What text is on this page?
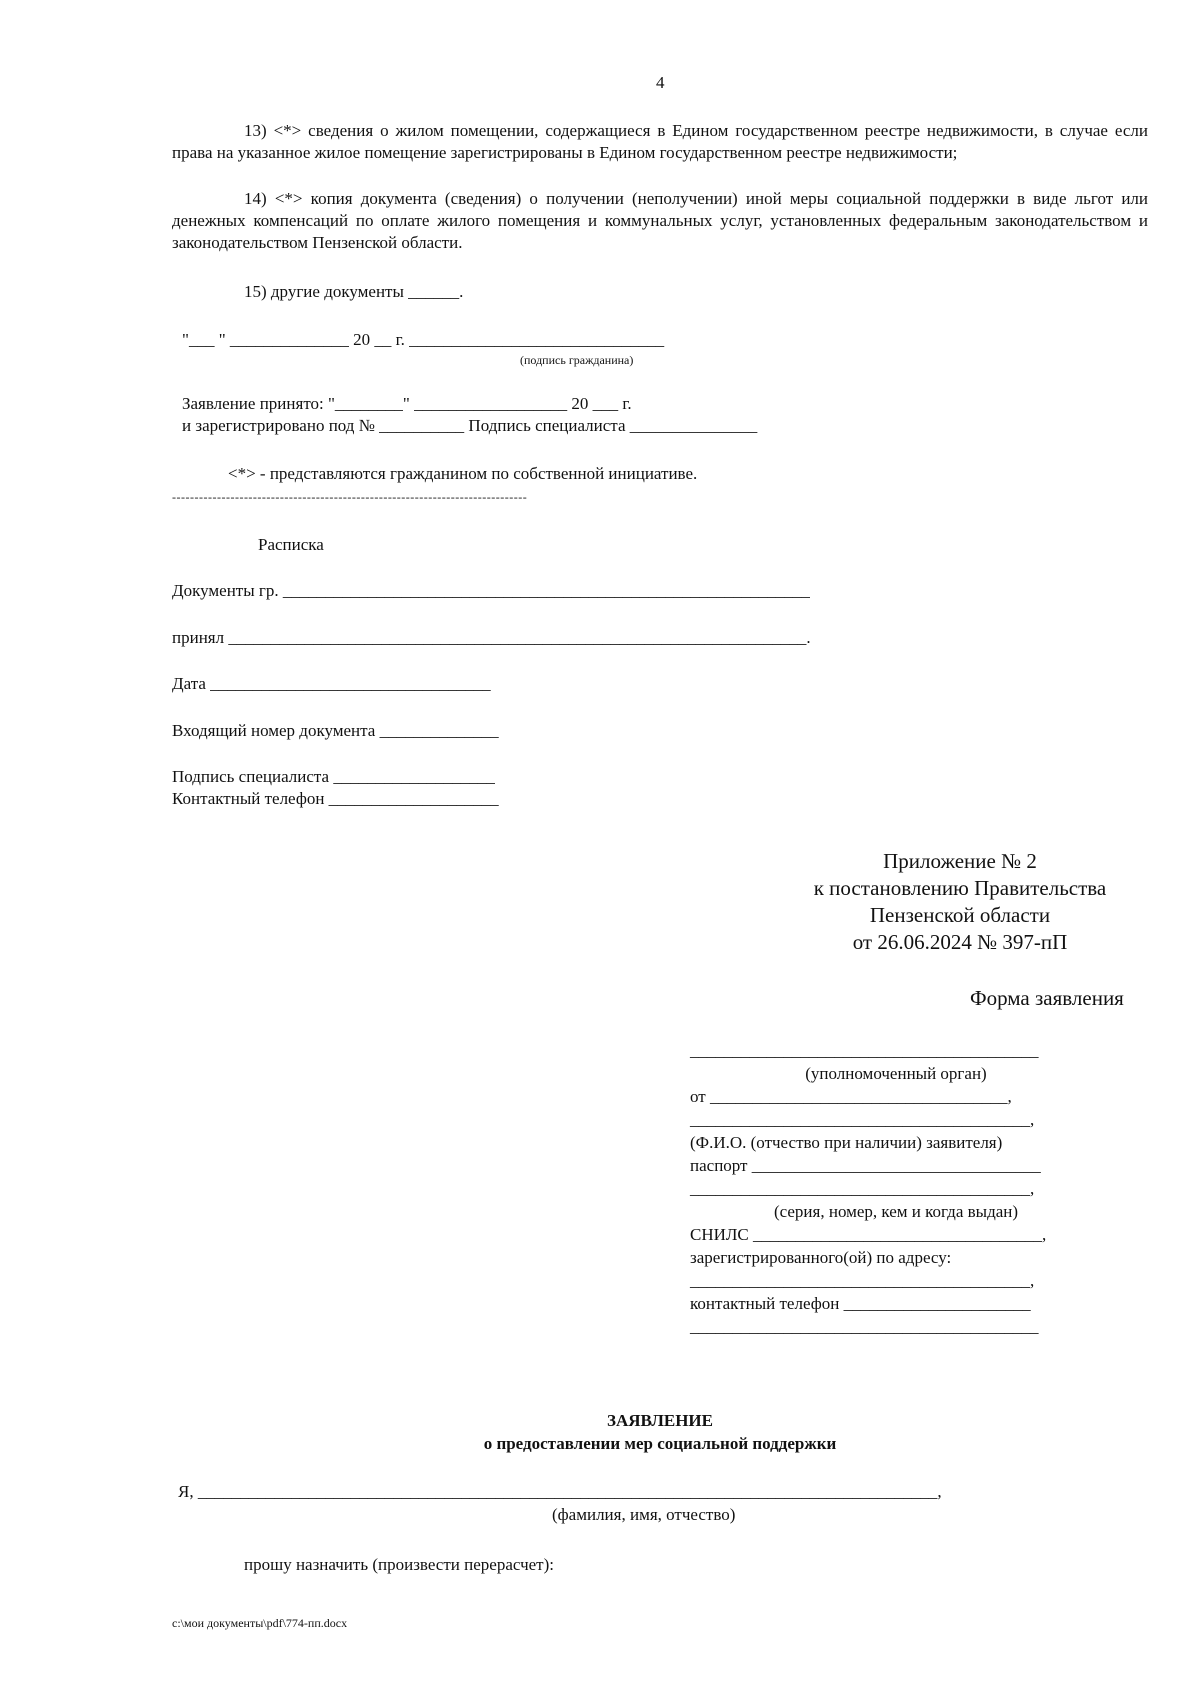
4
13) <*> сведения о жилом помещении, содержащиеся в Едином государственном реестре недвижимости, в случае если права на указанное жилое помещение зарегистрированы в Едином государственном реестре недвижимости;
14) <*> копия документа (сведения) о получении (неполучении) иной меры социальной поддержки в виде льгот или денежных компенсаций по оплате жилого помещения и коммунальных услуг, установленных федеральным законодательством и законодательством Пензенской области.
15) другие документы ______.
"___ " ______________ 20 __ г. ______________________________
(подпись гражданина)
Заявление принято: "________" __________________ 20 ___ г.
и зарегистрировано под № __________ Подпись специалиста _______________
<*> - представляются гражданином по собственной инициативе.
-------------------------------------------------------------------------------
Расписка
Документы гр. ______________________________________________________________
принял ____________________________________________________________________.
Дата _________________________________
Входящий номер документа ______________
Подпись специалиста ___________________
Контактный телефон ____________________
Приложение № 2
к постановлению Правительства
Пензенской области
от 26.06.2024 № 397-пП
Форма заявления
_________________________________________
(уполномоченный орган)
от ___________________________________,
________________________________________,
(Ф.И.О. (отчество при наличии) заявителя)
паспорт __________________________________
________________________________________,
(серия, номер, кем и когда выдан)
СНИЛС __________________________________,
зарегистрированного(ой) по адресу:
________________________________________,
контактный телефон ______________________
_________________________________________
ЗАЯВЛЕНИЕ
о предоставлении мер социальной поддержки
Я, _______________________________________________________________________________________,
(фамилия, имя, отчество)
прошу назначить (произвести перерасчет):
c:\мои документы\pdf\774-пп.docx
